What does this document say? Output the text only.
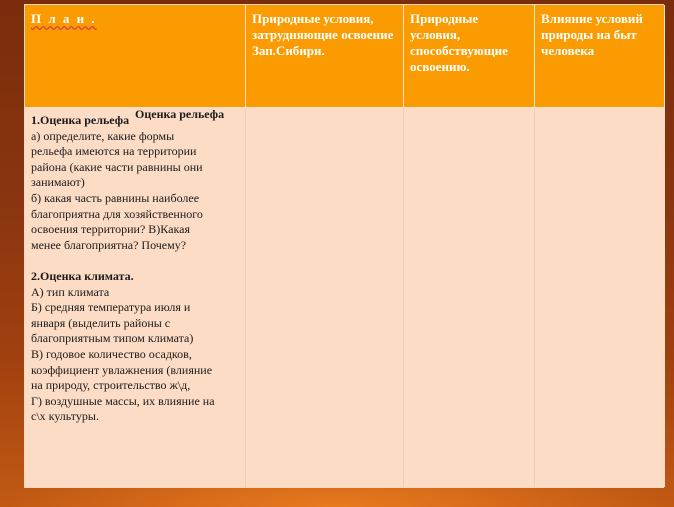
П л а н .	Природные условия, затрудняющие освоение Зап.Сибири.
Природные условия, способствующие освоению.
Влияние условий природы на быт человека
Оценка рельефа
1.Оценка рельефа
а) определите, какие формы
рельефа имеются на территории
района (какие части равнины они
занимают)
б) какая часть равнины наиболее
благоприятна для хозяйственного
освоения территории? В)Какая
менее благоприятна? Почему?
2.Оценка климата.
А) тип климата
Б) средняя температура июля и
января (выделить районы с
благоприятным типом климата)
В) годовое количество осадков,
коэффициент увлажнения (влияние
на природу, строительство ж\д,
Г) воздушные массы, их влияние на
с\х культуры.
